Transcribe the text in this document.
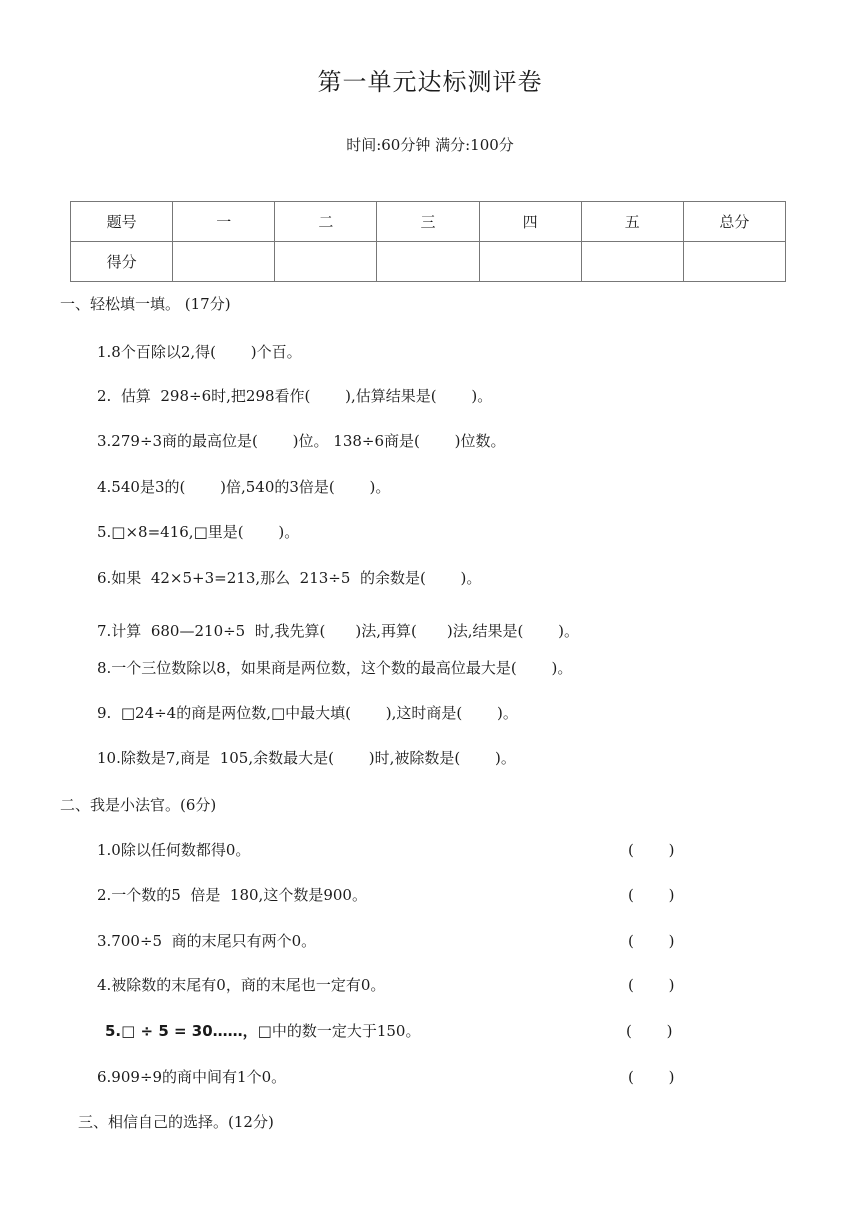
第一单元达标测评卷
时间:60分钟 满分:100分
题号	一	二	三	四	五	总分
得分						
一、轻松填一填。 (17分)
1.8个百除以2,得(　　 )个百。
2.  估算  298÷6时,把298看作(　　 ),估算结果是(　　 )。
3.279÷3商的最高位是(　　 )位。 138÷6商是(　　 )位数。
4.540是3的(　　 )倍,540的3倍是(　　 )。
5.□×8=416,□里是(　　 )。
6.如果  42×5+3=213,那么  213÷5  的余数是(　　 )。
7.计算  680—210÷5  时,我先算(　　)法,再算(　　)法,结果是(　　 )。
8.一个三位数除以8，如果商是两位数，这个数的最高位最大是(　　 )。
9.  □24÷4的商是两位数,□中最大填(　　 ),这时商是(　　 )。
10.除数是7,商是  105,余数最大是(　　 )时,被除数是(　　 )。
二、我是小法官。(6分)
1.0除以任何数都得0。	(　　 )
2.一个数的5  倍是  180,这个数是900。	(　　 )
3.700÷5  商的末尾只有两个0。	(　　 )
4.被除数的末尾有0，商的末尾也一定有0。	(　　 )
5.□ ÷ 5 = 30……，□中的数一定大于150。	(　　 )
6.909÷9的商中间有1个0。	(　　 )
三、相信自己的选择。(12分)
